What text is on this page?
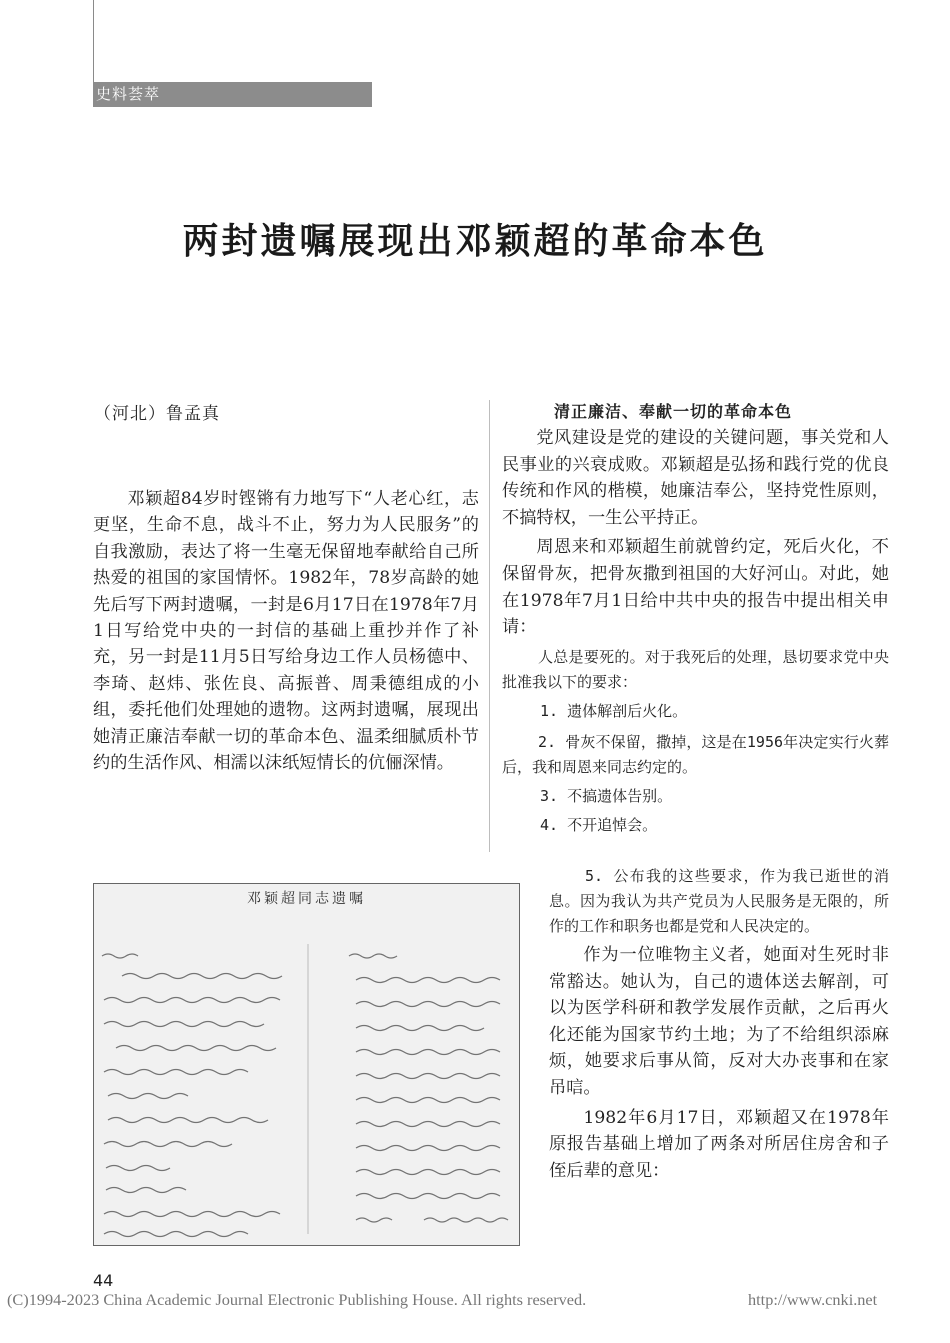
史料荟萃
两封遗嘱展现出邓颖超的革命本色
（河北）鲁孟真

邓颖超84岁时铿锵有力地写下“人老心红，志更坚，生命不息，战斗不止，努力为人民服务”的自我激励，表达了将一生毫无保留地奉献给自己所热爱的祖国的家国情怀。1982年，78岁高龄的她先后写下两封遗嘱，一封是6月17日在1978年7月1日写给党中央的一封信的基础上重抄并作了补充，另一封是11月5日写给身边工作人员杨德中、李琦、赵炜、张佐良、高振普、周秉德组成的小组，委托他们处理她的遗物。这两封遗嘱，展现出她清正廉洁奉献一切的革命本色、温柔细腻质朴节约的生活作风、相濡以沫纸短情长的伉俪深情。

清正廉洁、奉献一切的革命本色

党风建设是党的建设的关键问题，事关党和人民事业的兴衰成败。邓颖超是弘扬和践行党的优良传统和作风的楷模，她廉洁奉公，坚持党性原则，不搞特权，一生公平持正。

周恩来和邓颖超生前就曾约定，死后火化，不保留骨灰，把骨灰撒到祖国的大好河山。对此，她在1978年7月1日给中共中央的报告中提出相关申请：

人总是要死的。对于我死后的处理，恳切要求党中央批准我以下的要求：

1. 遗体解剖后火化。

2. 骨灰不保留，撒掉，这是在1956年决定实行火葬后，我和周恩来同志约定的。

3. 不搞遗体告别。

4. 不开追悼会。

邓颖超同志遗嘱

5. 公布我的这些要求，作为我已逝世的消息。因为我认为共产党员为人民服务是无限的，所作的工作和职务也都是党和人民决定的。

作为一位唯物主义者，她面对生死时非常豁达。她认为，自己的遗体送去解剖，可以为医学科研和教学发展作贡献，之后再火化还能为国家节约土地；为了不给组织添麻烦，她要求后事从简，反对大办丧事和在家吊唁。

1982年6月17日，邓颖超又在1978年原报告基础上增加了两条对所居住房舍和子侄后辈的意见：

44
(C)1994-2023 China Academic Journal Electronic Publishing House. All rights reserved.	http://www.cnki.net
